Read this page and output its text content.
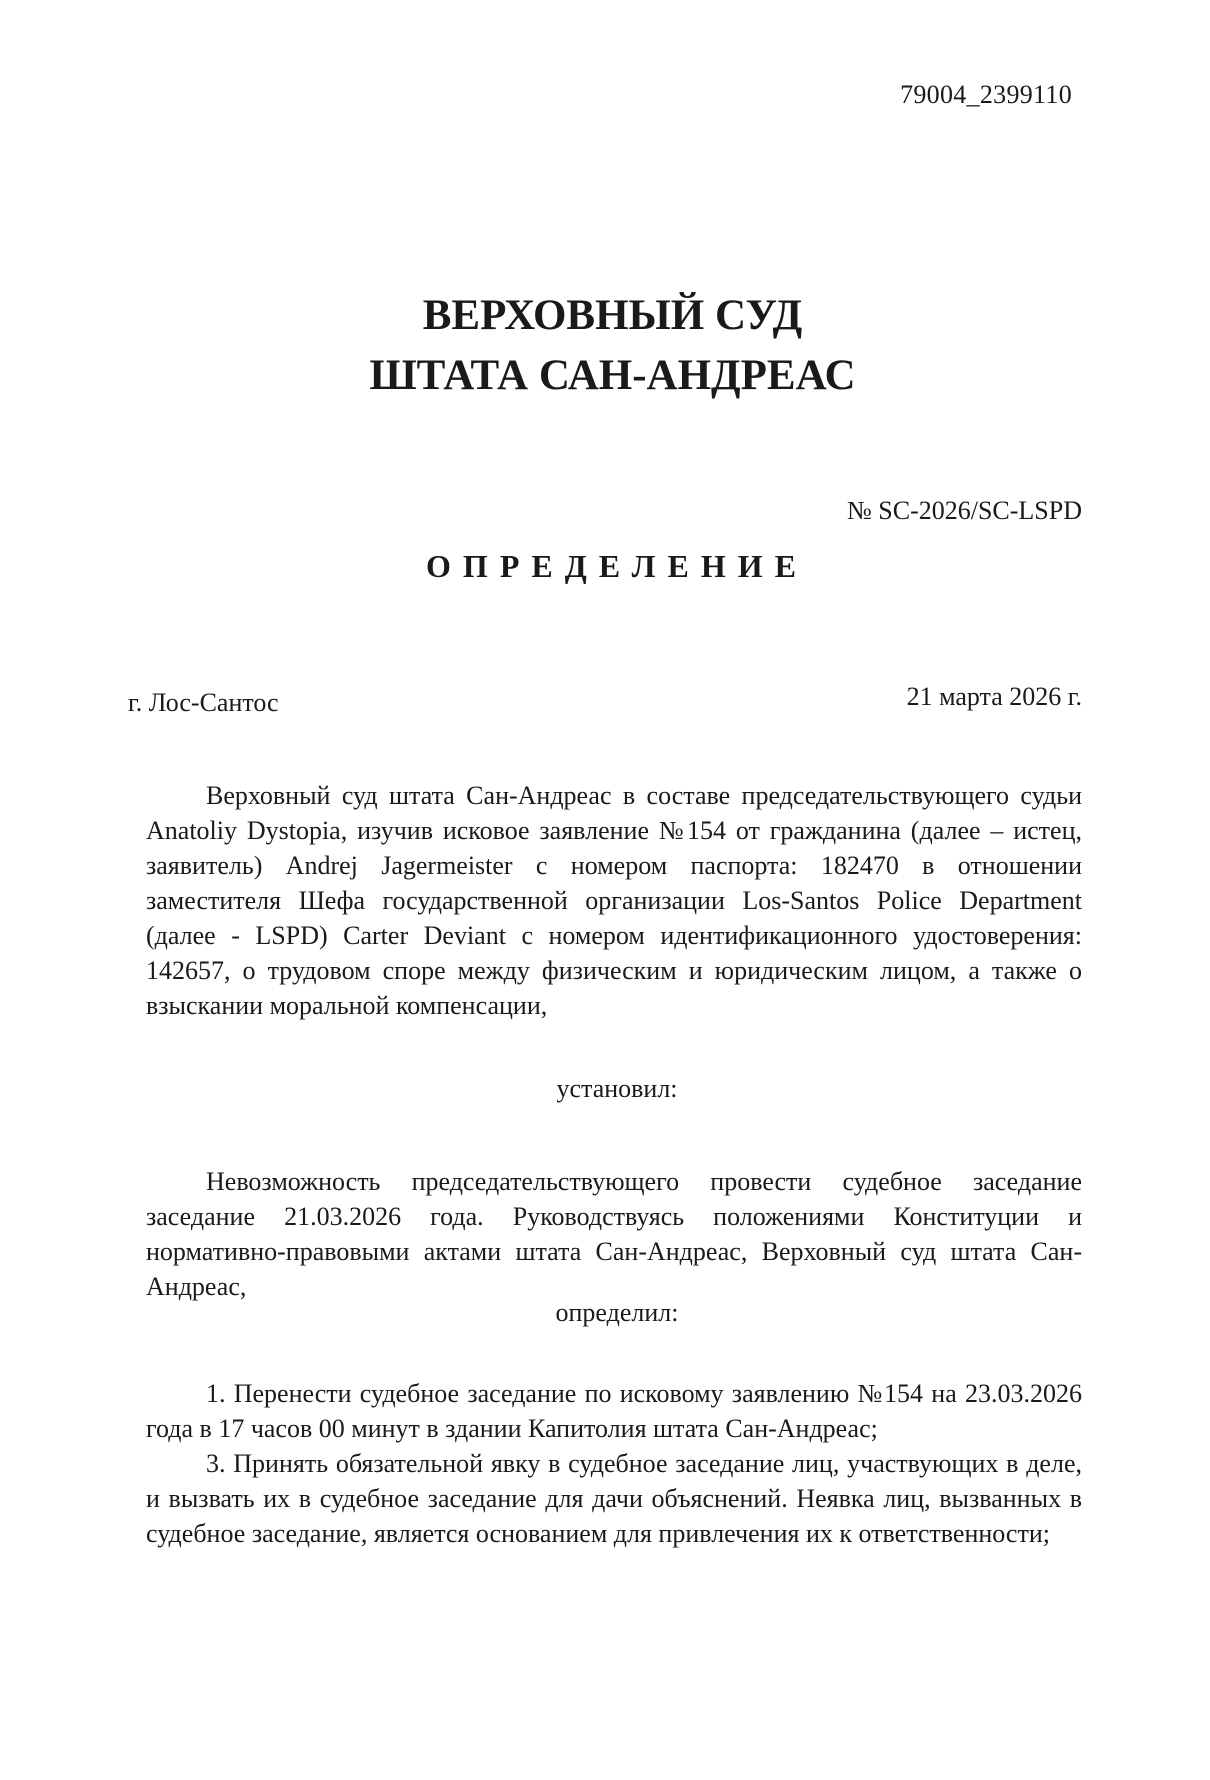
79004_2399110
ВЕРХОВНЫЙ СУД
ШТАТА САН-АНДРЕАС
№ SC-2026/SC-LSPD
ОПРЕДЕЛЕНИЕ
г. Лос-Сантос	21 марта 2026 г.

Верховный суд штата Сан-Андреас в составе председательствующего судьи Anatoliy Dystopia, изучив исковое заявление №154 от гражданина (далее – истец, заявитель) Andrej Jagermeister с номером паспорта: 182470 в отношении заместителя Шефа государственной организации Los-Santos Police Department (далее - LSPD) Carter Deviant с номером идентификационного удостоверения: 142657, о трудовом споре между физическим и юридическим лицом, а также о взыскании моральной компенсации,

установил:

Невозможность председательствующего провести судебное заседание заседание 21.03.2026 года. Руководствуясь положениями Конституции и нормативно-правовыми актами штата Сан-Андреас, Верховный суд штата Сан-Андреас,

определил:

1. Перенести судебное заседание по исковому заявлению №154 на 23.03.2026 года в 17 часов 00 минут в здании Капитолия штата Сан-Андреас;

3. Принять обязательной явку в судебное заседание лиц, участвующих в деле, и вызвать их в судебное заседание для дачи объяснений. Неявка лиц, вызванных в судебное заседание, является основанием для привлечения их к ответственности;
